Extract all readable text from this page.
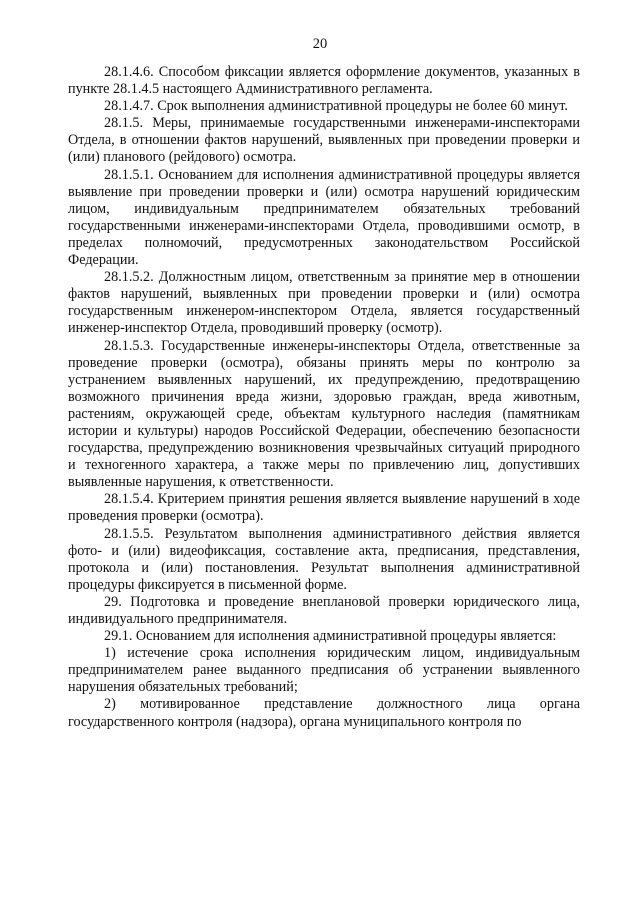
20

28.1.4.6. Способом фиксации является оформление документов, указанных в пункте 28.1.4.5 настоящего Административного регламента.

28.1.4.7. Срок выполнения административной процедуры не более 60 минут.

28.1.5. Меры, принимаемые государственными инженерами-инспекторами Отдела, в отношении фактов нарушений, выявленных при проведении проверки и (или) планового (рейдового) осмотра.

28.1.5.1. Основанием для исполнения административной процедуры является выявление при проведении проверки и (или) осмотра нарушений юридическим лицом, индивидуальным предпринимателем обязательных требований государственными инженерами-инспекторами Отдела, проводившими осмотр, в пределах полномочий, предусмотренных законодательством Российской Федерации.

28.1.5.2. Должностным лицом, ответственным за принятие мер в отношении фактов нарушений, выявленных при проведении проверки и (или) осмотра государственным инженером-инспектором Отдела, является государственный инженер-инспектор Отдела, проводивший проверку (осмотр).

28.1.5.3. Государственные инженеры-инспекторы Отдела, ответственные за проведение проверки (осмотра), обязаны принять меры по контролю за устранением выявленных нарушений, их предупреждению, предотвращению возможного причинения вреда жизни, здоровью граждан, вреда животным, растениям, окружающей среде, объектам культурного наследия (памятникам истории и культуры) народов Российской Федерации, обеспечению безопасности государства, предупреждению возникновения чрезвычайных ситуаций природного и техногенного характера, а также меры по привлечению лиц, допустивших выявленные нарушения, к ответственности.

28.1.5.4. Критерием принятия решения является выявление нарушений в ходе проведения проверки (осмотра).

28.1.5.5. Результатом выполнения административного действия является фото- и (или) видеофиксация, составление акта, предписания, представления, протокола и (или) постановления. Результат выполнения административной процедуры фиксируется в письменной форме.

29. Подготовка и проведение внеплановой проверки юридического лица, индивидуального предпринимателя.

29.1. Основанием для исполнения административной процедуры является:

1) истечение срока исполнения юридическим лицом, индивидуальным предпринимателем ранее выданного предписания об устранении выявленного нарушения обязательных требований;

2) мотивированное представление должностного лица органа государственного контроля (надзора), органа муниципального контроля по
